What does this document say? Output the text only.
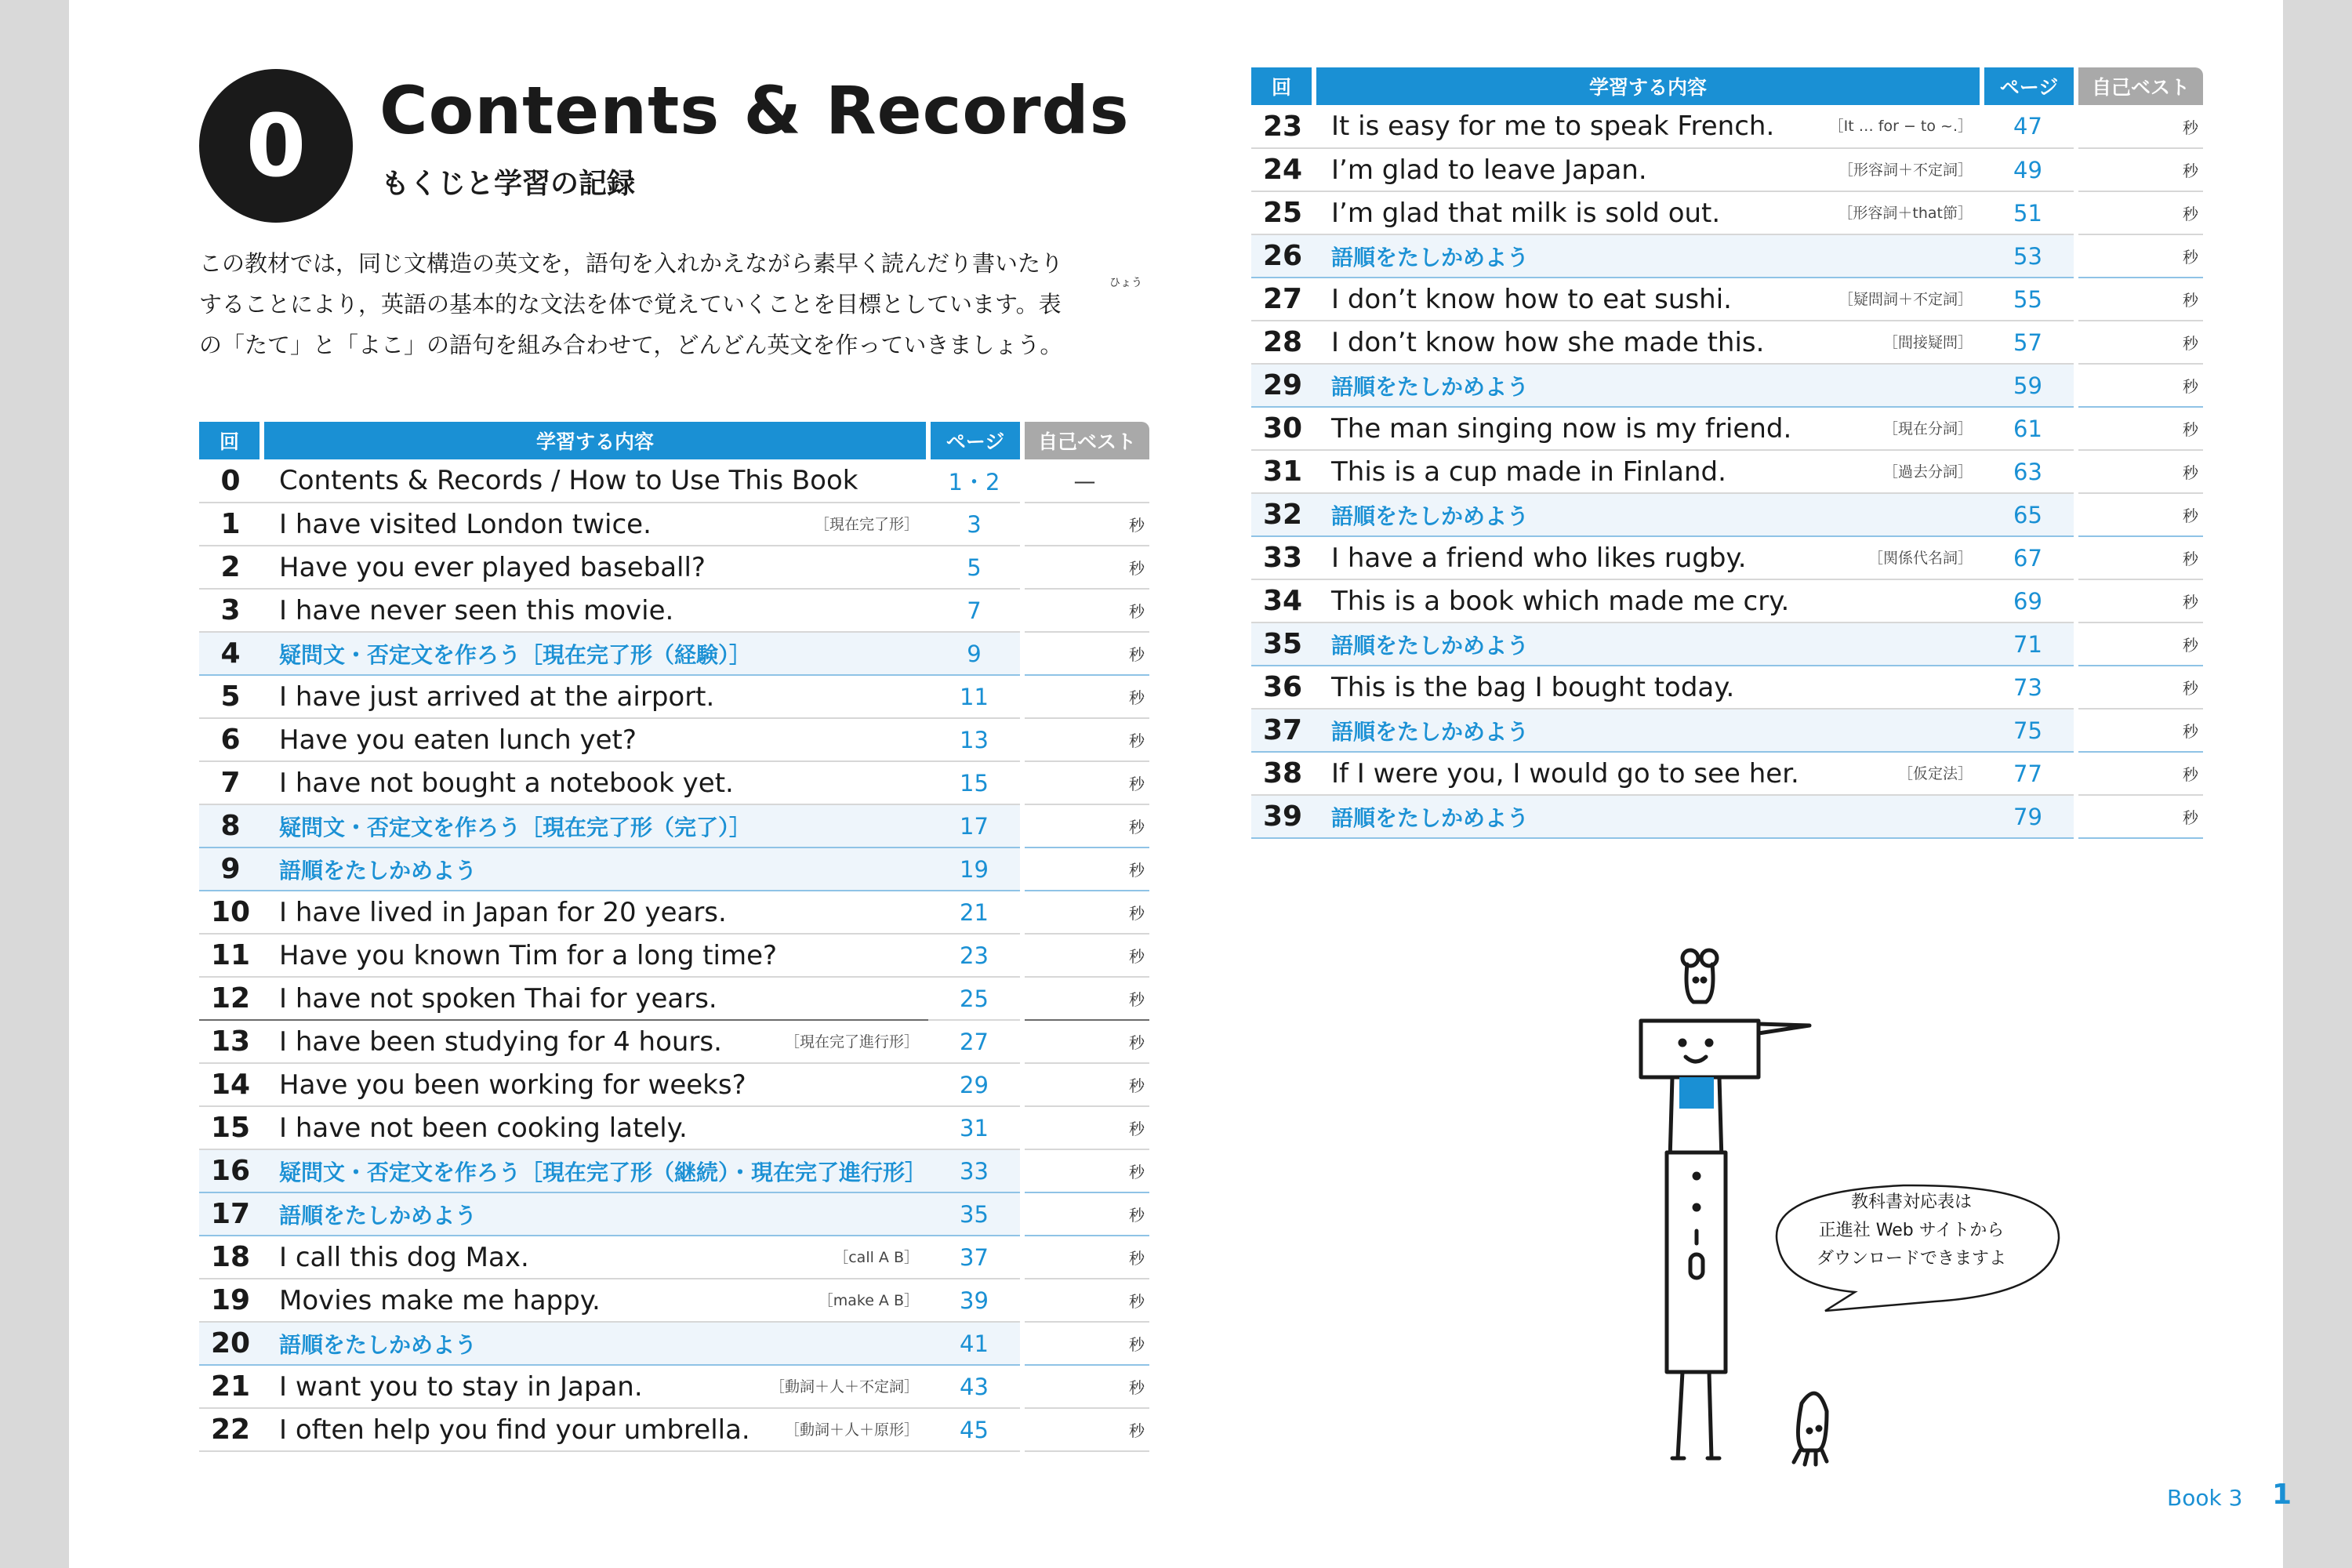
0	Contents & Records
もくじと学習の記録

この教材では，同じ文構造の英文を，語句を入れかえながら素早く読んだり書いたり

することにより，英語の基本的な文法を体で覚えていくことを目標としています。表

の「たて」と「よこ」の語句を組み合わせて，どんどん英文を作っていきましょう。

ひょう
回	学習する内容	ページ	自己ベスト
0	Contents & Records / How to Use This Book	1・2	—
1	I have visited London twice. ［現在完了形］	3	秒
2	Have you ever played baseball?	5	秒
3	I have never seen this movie.	7	秒
4	疑問文・否定文を作ろう［現在完了形（経験）］	9	秒
5	I have just arrived at the airport.	11	秒
6	Have you eaten lunch yet?	13	秒
7	I have not bought a notebook yet.	15	秒
8	疑問文・否定文を作ろう［現在完了形（完了）］	17	秒
9	語順をたしかめよう	19	秒
10	I have lived in Japan for 20 years.	21	秒
11	Have you known Tim for a long time?	23	秒
12	I have not spoken Thai for years.	25	秒
13	I have been studying for 4 hours. ［現在完了進行形］	27	秒
14	Have you been working for weeks?	29	秒
15	I have not been cooking lately.	31	秒
16	疑問文・否定文を作ろう［現在完了形（継続）・現在完了進行形］	33	秒
17	語順をたしかめよう	35	秒
18	I call this dog Max. ［call A B］	37	秒
19	Movies make me happy. ［make A B］	39	秒
20	語順をたしかめよう	41	秒
21	I want you to stay in Japan. ［動詞＋人＋不定詞］	43	秒
22	I often help you find your umbrella. ［動詞＋人＋原形］	45	秒
回	学習する内容	ページ	自己ベスト
23	It is easy for me to speak French. ［It … for − to ~.］	47	秒
24	I’m glad to leave Japan. ［形容詞＋不定詞］	49	秒
25	I’m glad that milk is sold out. ［形容詞＋that節］	51	秒
26	語順をたしかめよう	53	秒
27	I don’t know how to eat sushi. ［疑問詞＋不定詞］	55	秒
28	I don’t know how she made this. ［間接疑問］	57	秒
29	語順をたしかめよう	59	秒
30	The man singing now is my friend. ［現在分詞］	61	秒
31	This is a cup made in Finland. ［過去分詞］	63	秒
32	語順をたしかめよう	65	秒
33	I have a friend who likes rugby. ［関係代名詞］	67	秒
34	This is a book which made me cry.	69	秒
35	語順をたしかめよう	71	秒
36	This is the bag I bought today.	73	秒
37	語順をたしかめよう	75	秒
38	If I were you, I would go to see her. ［仮定法］	77	秒
39	語順をたしかめよう	79	秒
教科書対応表は
正進社 Web サイトから
ダウンロードできますよ
Book 3 1
